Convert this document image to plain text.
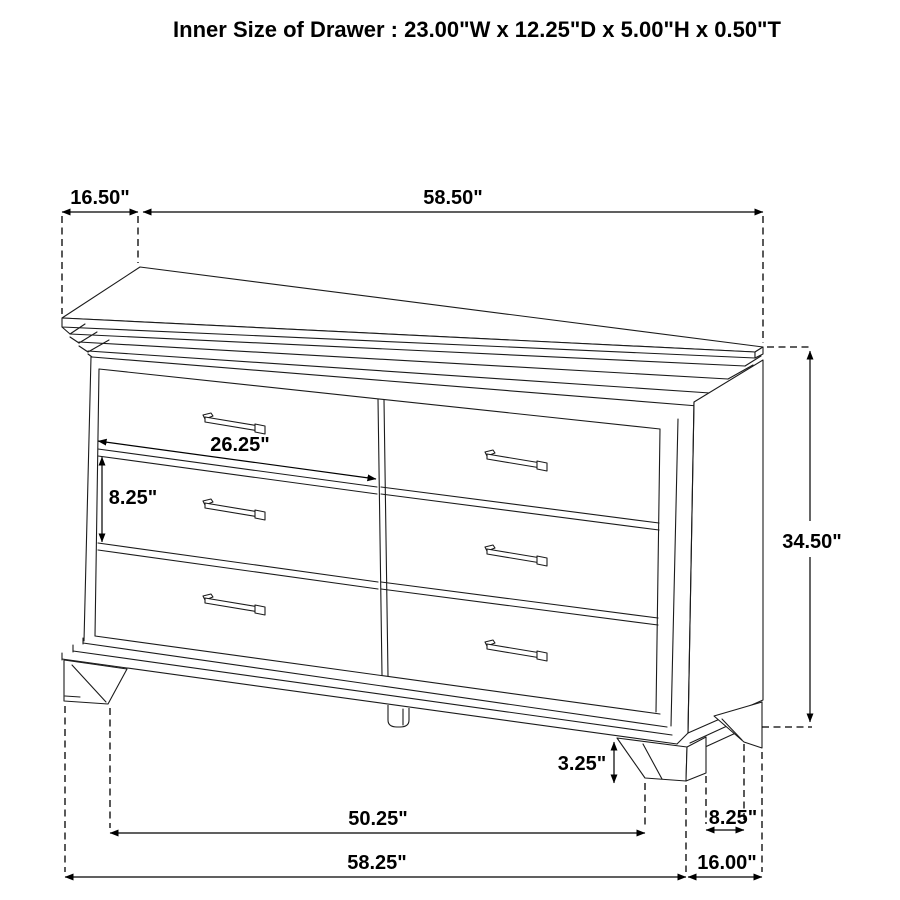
Inner Size of Drawer : 23.00"W x 12.25"D x 5.00"H x 0.50"T
16.50"	58.50"
34.50"
26.25"
8.25"
3.25"
50.25"	8.25"
58.25"	16.00"
